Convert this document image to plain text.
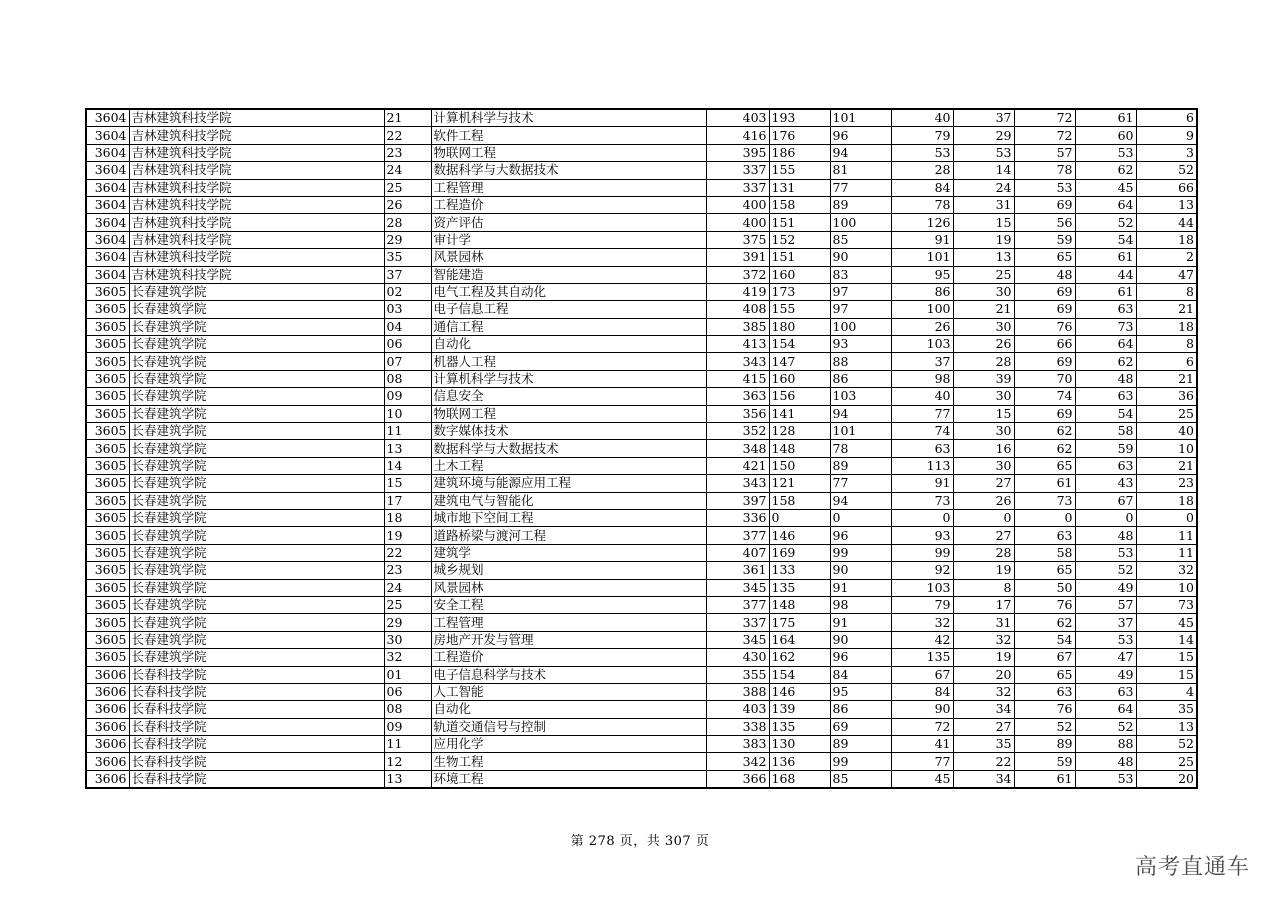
3604	吉林建筑科技学院	21	计算机科学与技术	403	193	101	40	37	72	61	6
3604	吉林建筑科技学院	22	软件工程	416	176	96	79	29	72	60	9
3604	吉林建筑科技学院	23	物联网工程	395	186	94	53	53	57	53	3
3604	吉林建筑科技学院	24	数据科学与大数据技术	337	155	81	28	14	78	62	52
3604	吉林建筑科技学院	25	工程管理	337	131	77	84	24	53	45	66
3604	吉林建筑科技学院	26	工程造价	400	158	89	78	31	69	64	13
3604	吉林建筑科技学院	28	资产评估	400	151	100	126	15	56	52	44
3604	吉林建筑科技学院	29	审计学	375	152	85	91	19	59	54	18
3604	吉林建筑科技学院	35	风景园林	391	151	90	101	13	65	61	2
3604	吉林建筑科技学院	37	智能建造	372	160	83	95	25	48	44	47
3605	长春建筑学院	02	电气工程及其自动化	419	173	97	86	30	69	61	8
3605	长春建筑学院	03	电子信息工程	408	155	97	100	21	69	63	21
3605	长春建筑学院	04	通信工程	385	180	100	26	30	76	73	18
3605	长春建筑学院	06	自动化	413	154	93	103	26	66	64	8
3605	长春建筑学院	07	机器人工程	343	147	88	37	28	69	62	6
3605	长春建筑学院	08	计算机科学与技术	415	160	86	98	39	70	48	21
3605	长春建筑学院	09	信息安全	363	156	103	40	30	74	63	36
3605	长春建筑学院	10	物联网工程	356	141	94	77	15	69	54	25
3605	长春建筑学院	11	数字媒体技术	352	128	101	74	30	62	58	40
3605	长春建筑学院	13	数据科学与大数据技术	348	148	78	63	16	62	59	10
3605	长春建筑学院	14	土木工程	421	150	89	113	30	65	63	21
3605	长春建筑学院	15	建筑环境与能源应用工程	343	121	77	91	27	61	43	23
3605	长春建筑学院	17	建筑电气与智能化	397	158	94	73	26	73	67	18
3605	长春建筑学院	18	城市地下空间工程	336	0	0	0	0	0	0	0
3605	长春建筑学院	19	道路桥梁与渡河工程	377	146	96	93	27	63	48	11
3605	长春建筑学院	22	建筑学	407	169	99	99	28	58	53	11
3605	长春建筑学院	23	城乡规划	361	133	90	92	19	65	52	32
3605	长春建筑学院	24	风景园林	345	135	91	103	8	50	49	10
3605	长春建筑学院	25	安全工程	377	148	98	79	17	76	57	73
3605	长春建筑学院	29	工程管理	337	175	91	32	31	62	37	45
3605	长春建筑学院	30	房地产开发与管理	345	164	90	42	32	54	53	14
3605	长春建筑学院	32	工程造价	430	162	96	135	19	67	47	15
3606	长春科技学院	01	电子信息科学与技术	355	154	84	67	20	65	49	15
3606	长春科技学院	06	人工智能	388	146	95	84	32	63	63	4
3606	长春科技学院	08	自动化	403	139	86	90	34	76	64	35
3606	长春科技学院	09	轨道交通信号与控制	338	135	69	72	27	52	52	13
3606	长春科技学院	11	应用化学	383	130	89	41	35	89	88	52
3606	长春科技学院	12	生物工程	342	136	99	77	22	59	48	25
3606	长春科技学院	13	环境工程	366	168	85	45	34	61	53	20
第 278 页，共 307 页
高考直通车
